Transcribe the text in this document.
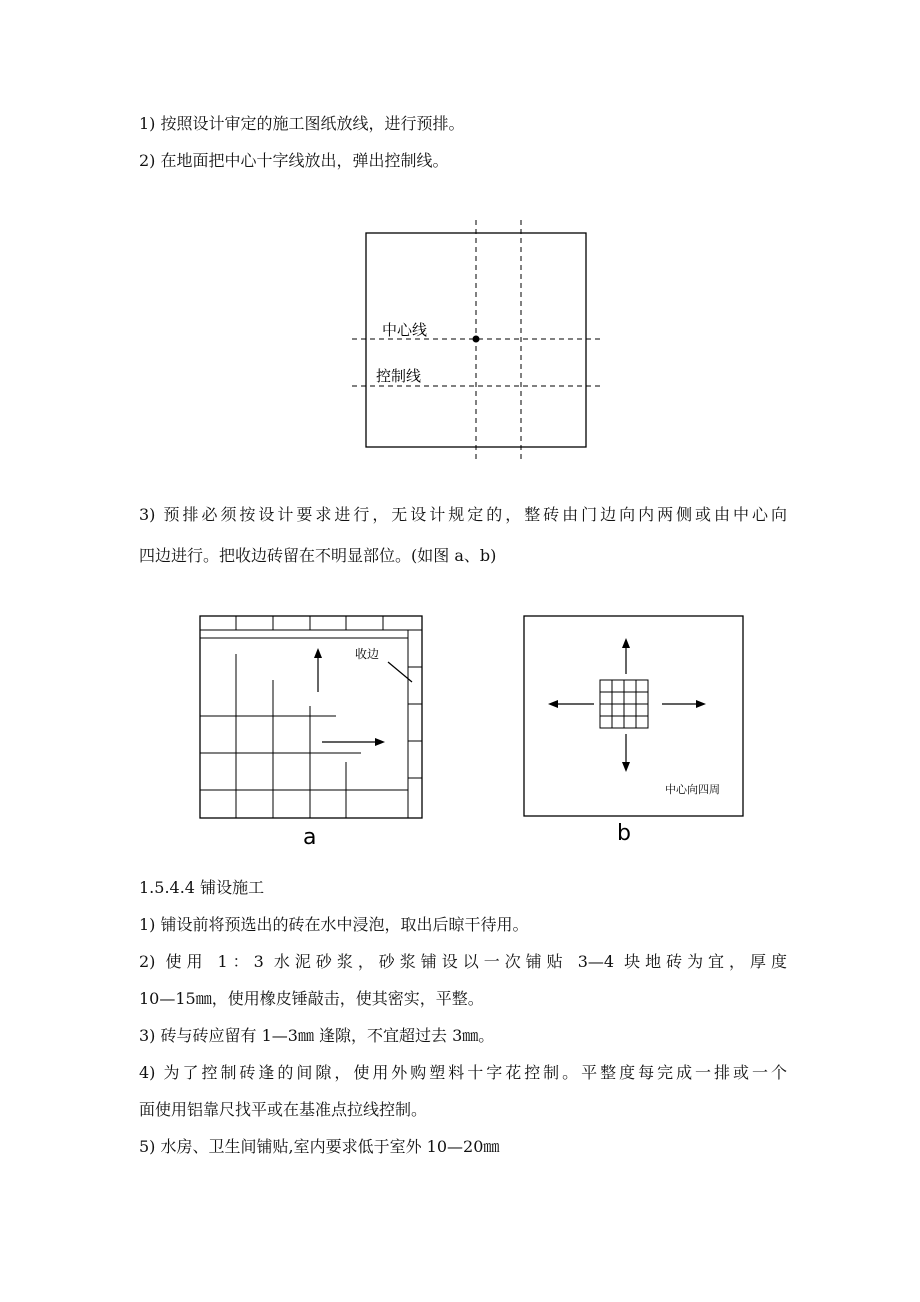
1) 按照设计审定的施工图纸放线，进行预排。

2) 在地面把中心十字线放出，弹出控制线。

中心线
控制线

3) 预排必须按设计要求进行，无设计规定的，整砖由门边向内两侧或由中心向

四边进行。把收边砖留在不明显部位。(如图 a、b)

收边
a
中心向四周
b

1.5.4.4 铺设施工

1) 铺设前将预选出的砖在水中浸泡，取出后晾干待用。

2) 使用 1：3 水泥砂浆，砂浆铺设以一次铺贴 3—4 块地砖为宜，厚度

10—15㎜，使用橡皮锤敲击，使其密实，平整。

3) 砖与砖应留有 1—3㎜ 逢隙，不宜超过去 3㎜。

4) 为了控制砖逢的间隙，使用外购塑料十字花控制。平整度每完成一排或一个

面使用铝靠尺找平或在基准点拉线控制。

5) 水房、卫生间铺贴,室内要求低于室外 10—20㎜
